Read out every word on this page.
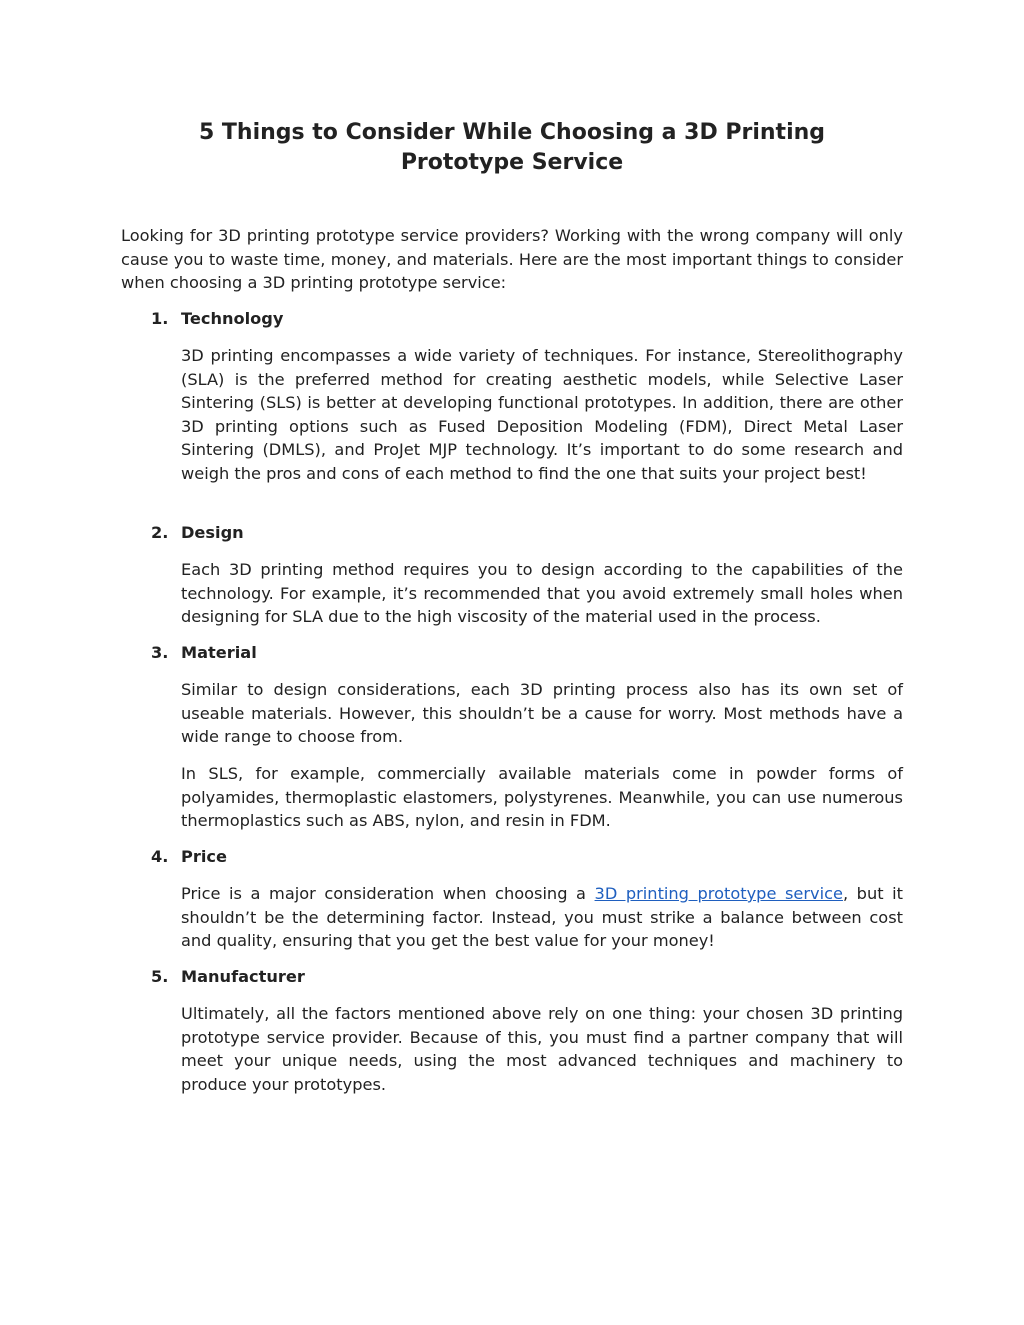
5 Things to Consider While Choosing a 3D Printing Prototype Service

Looking for 3D printing prototype service providers? Working with the wrong company will only cause you to waste time, money, and materials. Here are the most important things to consider when choosing a 3D printing prototype service:

1. Technology

3D printing encompasses a wide variety of techniques. For instance, Stereolithography (SLA) is the preferred method for creating aesthetic models, while Selective Laser Sintering (SLS) is better at developing functional prototypes. In addition, there are other 3D printing options such as Fused Deposition Modeling (FDM), Direct Metal Laser Sintering (DMLS), and ProJet MJP technology. It’s important to do some research and weigh the pros and cons of each method to find the one that suits your project best!

2. Design

Each 3D printing method requires you to design according to the capabilities of the technology. For example, it’s recommended that you avoid extremely small holes when designing for SLA due to the high viscosity of the material used in the process.

3. Material

Similar to design considerations, each 3D printing process also has its own set of useable materials. However, this shouldn’t be a cause for worry. Most methods have a wide range to choose from.

In SLS, for example, commercially available materials come in powder forms of polyamides, thermoplastic elastomers, polystyrenes. Meanwhile, you can use numerous thermoplastics such as ABS, nylon, and resin in FDM.

4. Price

Price is a major consideration when choosing a 3D printing prototype service, but it shouldn’t be the determining factor. Instead, you must strike a balance between cost and quality, ensuring that you get the best value for your money!

5. Manufacturer

Ultimately, all the factors mentioned above rely on one thing: your chosen 3D printing prototype service provider. Because of this, you must find a partner company that will meet your unique needs, using the most advanced techniques and machinery to produce your prototypes.
